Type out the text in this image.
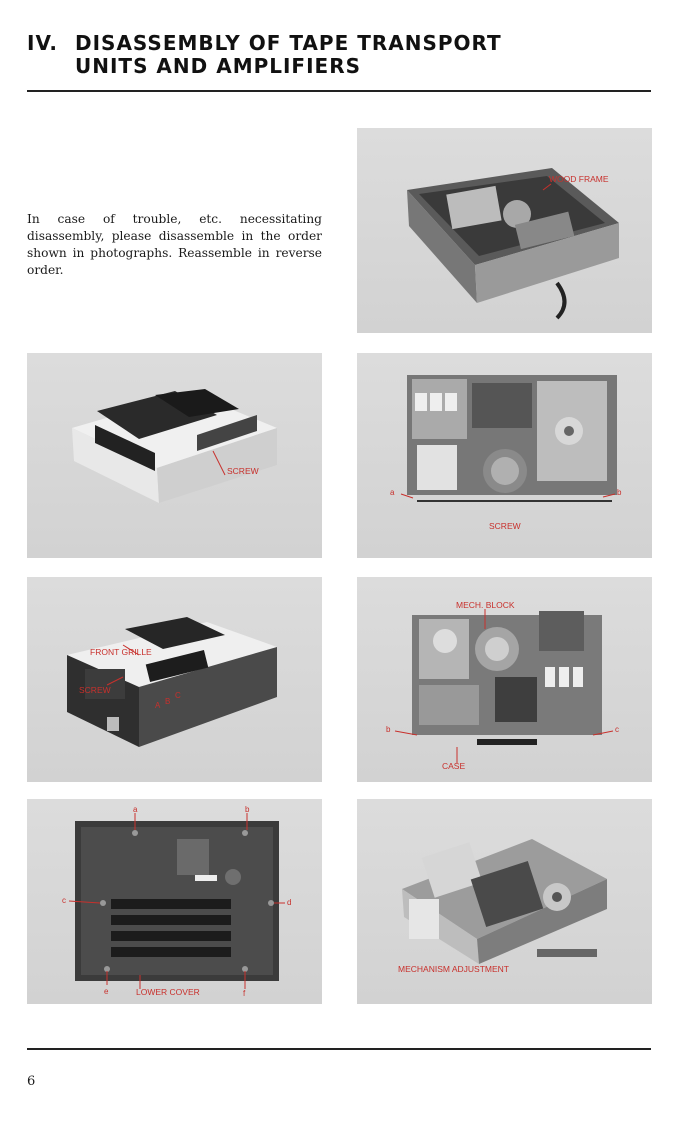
IV. DISASSEMBLY OF TAPE TRANSPORT
UNITS AND AMPLIFIERS

In case of trouble, etc. necessitating disassembly, please disassemble in the order shown in photographs. Reassemble in reverse order.

WOOD FRAME
SCREW
a	b
SCREW
FRONT GRILLE
SCREW
A B
C
MECH. BLOCK
b	c
CASE
a	b
c	d
e	f
LOWER COVER
MECHANISM ADJUSTMENT
6
